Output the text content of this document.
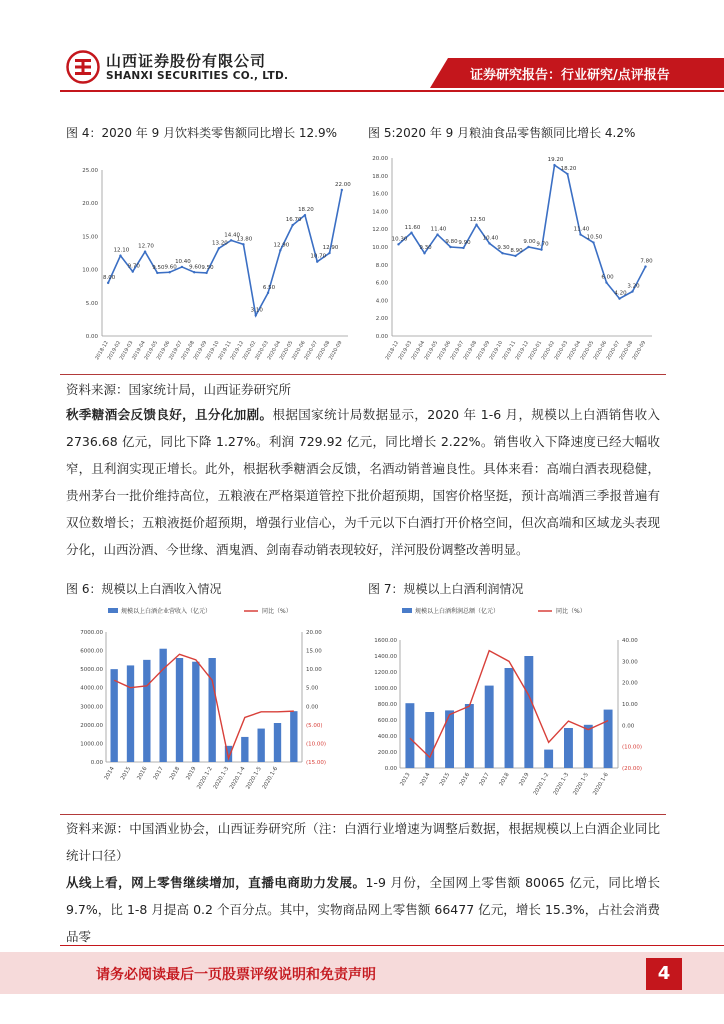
山西证券股份有限公司
SHANXI SECURITIES CO., LTD.	证券研究报告：行业研究/点评报告
图 4：2020 年 9 月饮料类零售额同比增长 12.9%	图 5:2020 年 9 月粮油食品零售额同比增长 4.2%
0.00
5.00
10.00
15.00
20.00
25.00
2018-12
2019-02
2019-03
2019-04
2019-05
2019-06
2019-07
2019-08
2019-09
2019-10
2019-11
2019-12
2020-02
2020-03
2020-04
2020-05
2020-06
2020-07
2020-08
2020-09
8.00
12.10
9.70
12.70
9.50 9.60
10.40
9.60 9.50
13.20
14.40
13.80
3.10
6.50
12.90
16.70
18.20
10.70
12.90
22.00
0.00
2.00
4.00
6.00
8.00
10.00
12.00
14.00
16.00
18.00
20.00
2018-12
2019-03
2019-04
2019-05
2019-06
2019-07
2019-08
2019-09
2019-10
2019-11
2019-12
2020-01
2020-02
2020-03
2020-04
2020-05
2020-06
2020-07
2020-08
2020-09
10.30
11.60
9.30
11.40
9.80 9.90
12.50
10.40
9.30 8.90
9.00 9.70
19.20
18.20
11.40
10.50
6.00
4.20
3.20
7.80
资料来源：国家统计局，山西证券研究所
秋季糖酒会反馈良好，且分化加剧。根据国家统计局数据显示，2020 年 1-6 月，规模以上白酒销售收入 2736.68 亿元，同比下降 1.27%。利润 729.92 亿元，同比增长 2.22%。销售收入下降速度已经大幅收窄，且利润实现正增长。此外，根据秋季糖酒会反馈，名酒动销普遍良性。具体来看：高端白酒表现稳健，贵州茅台一批价维持高位，五粮液在严格渠道管控下批价超预期，国窖价格坚挺，预计高端酒三季报普遍有双位数增长；五粮液挺价超预期，增强行业信心，为千元以下白酒打开价格空间，但次高端和区域龙头表现分化，山西汾酒、今世缘、酒鬼酒、剑南春动销表现较好，洋河股份调整改善明显。
图 6：规模以上白酒收入情况	图 7：规模以上白酒利润情况
规模以上白酒企业营收入（亿元）	同比（%）
0.00
1000.00
2000.00
3000.00
4000.00
5000.00
6000.00
7000.00
(15.00)
(10.00)
(5.00)
0.00
5.00
10.00
15.00
20.00
2014 2015 2016 2017 2018 2019
2020.1-2
2020.1-3
2020.1-4
2020.1-5
2020.1-6
规模以上白酒利润总额（亿元）	同比（%）
0.00
200.00
400.00
600.00
800.00
1000.00
1200.00
1400.00
1600.00
(20.00)
(10.00)
0.00
10.00
20.00
30.00
40.00
2013 2014 2015 2016 2017 2018 2019 2020.1-2 2020.1-3 2020.1-5 2020.1-6
资料来源：中国酒业协会，山西证券研究所（注：白酒行业增速为调整后数据，根据规模以上白酒企业同比统计口径）
从线上看，网上零售继续增加，直播电商助力发展。1-9 月份，全国网上零售额 80065 亿元，同比增长 9.7%，比 1-8 月提高 0.2 个百分点。其中，实物商品网上零售额 66477 亿元，增长 15.3%，占社会消费品零
请务必阅读最后一页股票评级说明和免责声明	4
